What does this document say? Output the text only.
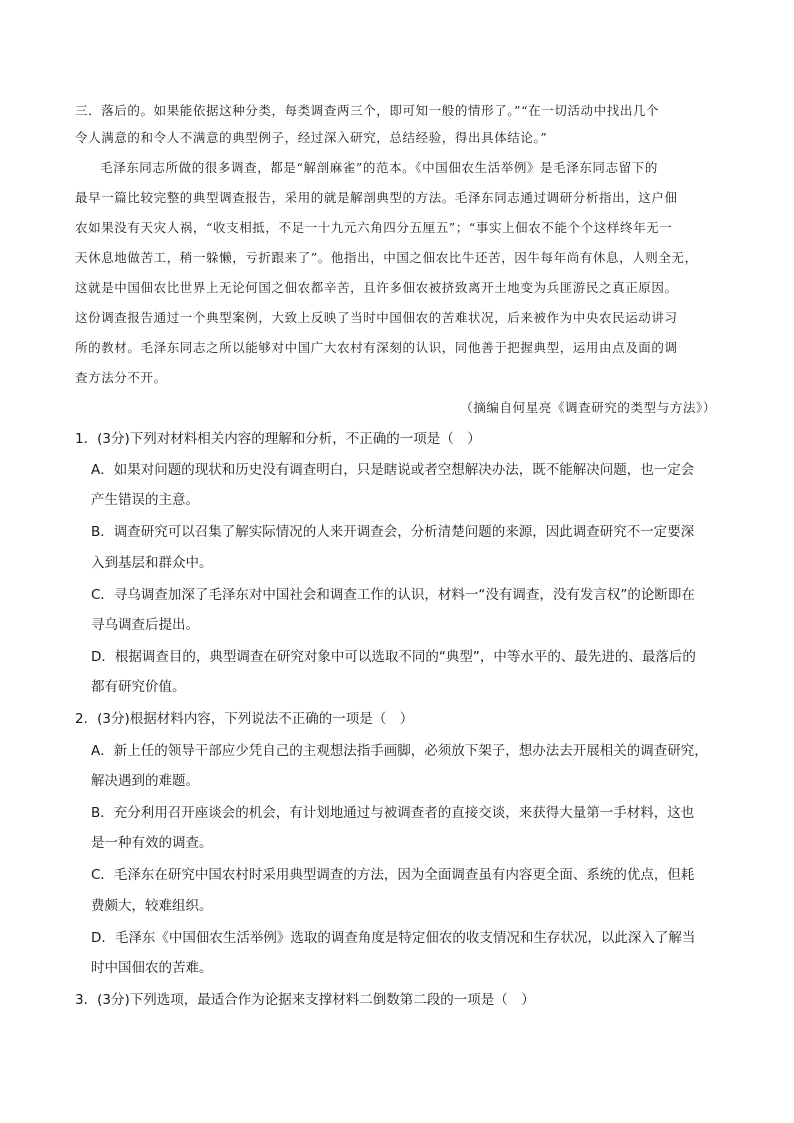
三．落后的。如果能依据这种分类，每类调查两三个，即可知一般的情形了。”“在一切活动中找出几个
令人满意的和令人不满意的典型例子，经过深入研究，总结经验，得出具体结论。”
毛泽东同志所做的很多调查，都是“解剖麻雀”的范本。《中国佃农生活举例》是毛泽东同志留下的
最早一篇比较完整的典型调查报告，采用的就是解剖典型的方法。毛泽东同志通过调研分析指出，这户佃
农如果没有天灾人祸，“收支相抵，不足一十九元六角四分五厘五”；“事实上佃农不能个个这样终年无一
天休息地做苦工，稍一躲懒，亏折跟来了”。他指出，中国之佃农比牛还苦，因牛每年尚有休息，人则全无，
这就是中国佃农比世界上无论何国之佃农都辛苦，且许多佃农被挤致离开土地变为兵匪游民之真正原因。
这份调查报告通过一个典型案例，大致上反映了当时中国佃农的苦难状况，后来被作为中央农民运动讲习
所的教材。毛泽东同志之所以能够对中国广大农村有深刻的认识，同他善于把握典型，运用由点及面的调
查方法分不开。
（摘编自何星亮《调查研究的类型与方法》）
1．(3分)下列对材料相关内容的理解和分析，不正确的一项是（　）
A．如果对问题的现状和历史没有调查明白，只是瞎说或者空想解决办法，既不能解决问题，也一定会
产生错误的主意。
B．调查研究可以召集了解实际情况的人来开调查会，分析清楚问题的来源，因此调查研究不一定要深
入到基层和群众中。
C．寻乌调查加深了毛泽东对中国社会和调查工作的认识，材料一“没有调查，没有发言权”的论断即在
寻乌调查后提出。
D．根据调查目的，典型调查在研究对象中可以选取不同的“典型”，中等水平的、最先进的、最落后的
都有研究价值。
2．(3分)根据材料内容，下列说法不正确的一项是（　）
A．新上任的领导干部应少凭自己的主观想法指手画脚，必须放下架子，想办法去开展相关的调查研究，
解决遇到的难题。
B．充分利用召开座谈会的机会，有计划地通过与被调查者的直接交谈，来获得大量第一手材料，这也
是一种有效的调查。
C．毛泽东在研究中国农村时采用典型调查的方法，因为全面调查虽有内容更全面、系统的优点，但耗
费颇大，较难组织。
D．毛泽东《中国佃农生活举例》选取的调查角度是特定佃农的收支情况和生存状况，以此深入了解当
时中国佃农的苦难。
3．(3分)下列选项，最适合作为论据来支撑材料二倒数第二段的一项是（　）
